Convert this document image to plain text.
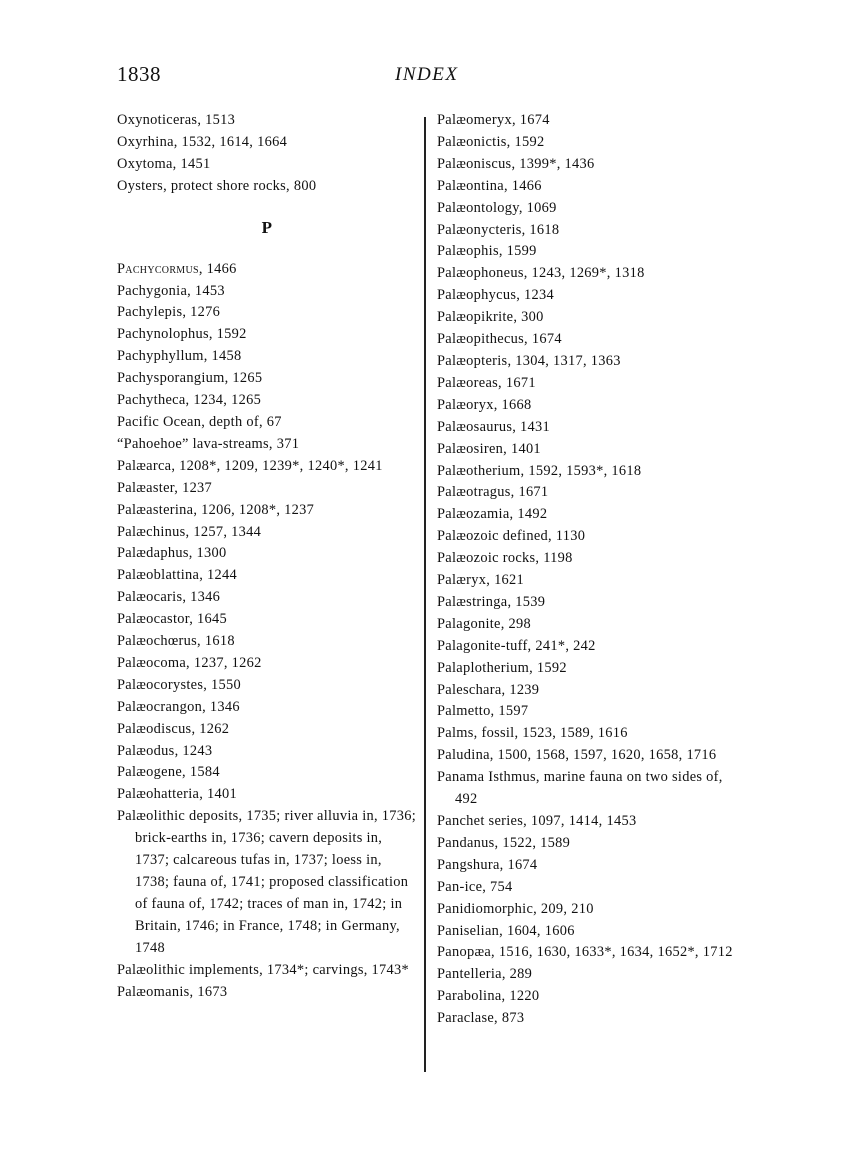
1838	INDEX
Oxynoticeras, 1513
Oxyrhina, 1532, 1614, 1664
Oxytoma, 1451
Oysters, protect shore rocks, 800
P
Pachycormus, 1466
Pachygonia, 1453
Pachylepis, 1276
Pachynolophus, 1592
Pachyphyllum, 1458
Pachysporangium, 1265
Pachytheca, 1234, 1265
Pacific Ocean, depth of, 67
“Pahoehoe” lava-streams, 371
Palæarca, 1208*, 1209, 1239*, 1240*, 1241
Palæaster, 1237
Palæasterina, 1206, 1208*, 1237
Palæchinus, 1257, 1344
Palædaphus, 1300
Palæoblattina, 1244
Palæocaris, 1346
Palæocastor, 1645
Palæochœrus, 1618
Palæocoma, 1237, 1262
Palæocorystes, 1550
Palæocrangon, 1346
Palæodiscus, 1262
Palæodus, 1243
Palæogene, 1584
Palæohatteria, 1401
Palæolithic deposits, 1735; river alluvia in, 1736; brick-earths in, 1736; cavern deposits in, 1737; calcareous tufas in, 1737; loess in, 1738; fauna of, 1741; proposed classification of fauna of, 1742; traces of man in, 1742; in Britain, 1746; in France, 1748; in Germany, 1748
Palæolithic implements, 1734*; carvings, 1743*
Palæomanis, 1673
Palæomeryx, 1674
Palæonictis, 1592
Palæoniscus, 1399*, 1436
Palæontina, 1466
Palæontology, 1069
Palæonycteris, 1618
Palæophis, 1599
Palæophoneus, 1243, 1269*, 1318
Palæophycus, 1234
Palæopikrite, 300
Palæopithecus, 1674
Palæopteris, 1304, 1317, 1363
Palæoreas, 1671
Palæoryx, 1668
Palæosaurus, 1431
Palæosiren, 1401
Palæotherium, 1592, 1593*, 1618
Palæotragus, 1671
Palæozamia, 1492
Palæozoic defined, 1130
Palæozoic rocks, 1198
Palæryx, 1621
Palæstringa, 1539
Palagonite, 298
Palagonite-tuff, 241*, 242
Palaplotherium, 1592
Paleschara, 1239
Palmetto, 1597
Palms, fossil, 1523, 1589, 1616
Paludina, 1500, 1568, 1597, 1620, 1658, 1716
Panama Isthmus, marine fauna on two sides of, 492
Panchet series, 1097, 1414, 1453
Pandanus, 1522, 1589
Pangshura, 1674
Pan-ice, 754
Panidiomorphic, 209, 210
Paniselian, 1604, 1606
Panopæa, 1516, 1630, 1633*, 1634, 1652*, 1712
Pantelleria, 289
Parabolina, 1220
Paraclase, 873
